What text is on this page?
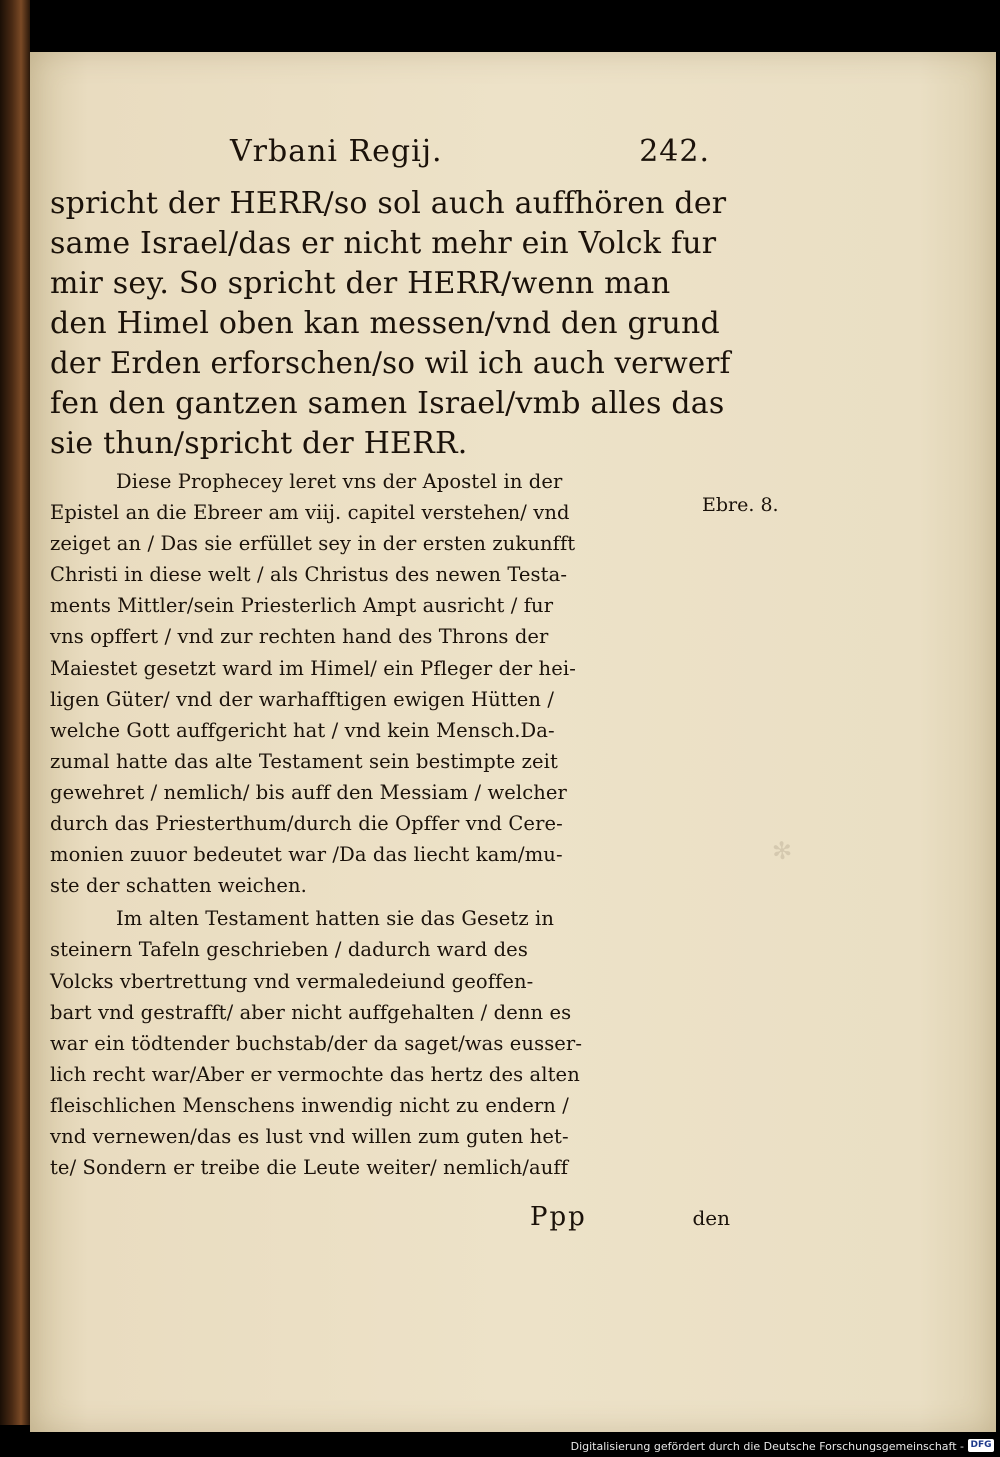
Vrbani Regij.	242.
spricht der HERR/so sol auch auffhören der
same Israel/das er nicht mehr ein Volck fur
mir sey. So spricht der HERR/wenn man
den Himel oben kan messen/vnd den grund
der Erden erforschen/so wil ich auch verwerf
fen den gantzen samen Israel/vmb alles das
sie thun/spricht der HERR.
Diese Prophecey leret vns der Apostel in der
Epistel an die Ebreer am viij. capitel verstehen/ vnd
zeiget an / Das sie erfüllet sey in der ersten zukunfft
Christi in diese welt / als Christus des newen Testa-
ments Mittler/sein Priesterlich Ampt ausricht / fur
vns opffert / vnd zur rechten hand des Throns der
Maiestet gesetzt ward im Himel/ ein Pfleger der hei-
ligen Güter/ vnd der warhafftigen ewigen Hütten /
welche Gott auffgericht hat / vnd kein Mensch.Da-
zumal hatte das alte Testament sein bestimpte zeit
gewehret / nemlich/ bis auff den Messiam / welcher
durch das Priesterthum/durch die Opffer vnd Cere-
monien zuuor bedeutet war /Da das liecht kam/mu-
ste der schatten weichen.
Im alten Testament hatten sie das Gesetz in
steinern Tafeln geschrieben / dadurch ward des
Volcks vbertrettung vnd vermaledeiund geoffen-
bart vnd gestrafft/ aber nicht auffgehalten / denn es
war ein tödtender buchstab/der da saget/was eusser-
lich recht war/Aber er vermochte das hertz des alten
fleischlichen Menschens inwendig nicht zu endern /
vnd vernewen/das es lust vnd willen zum guten het-
te/ Sondern er treibe die Leute weiter/ nemlich/auff
Ebre. 8.
Ppp	den
✻
Digitalisierung gefördert durch die Deutsche Forschungsgemeinschaft - DFG
